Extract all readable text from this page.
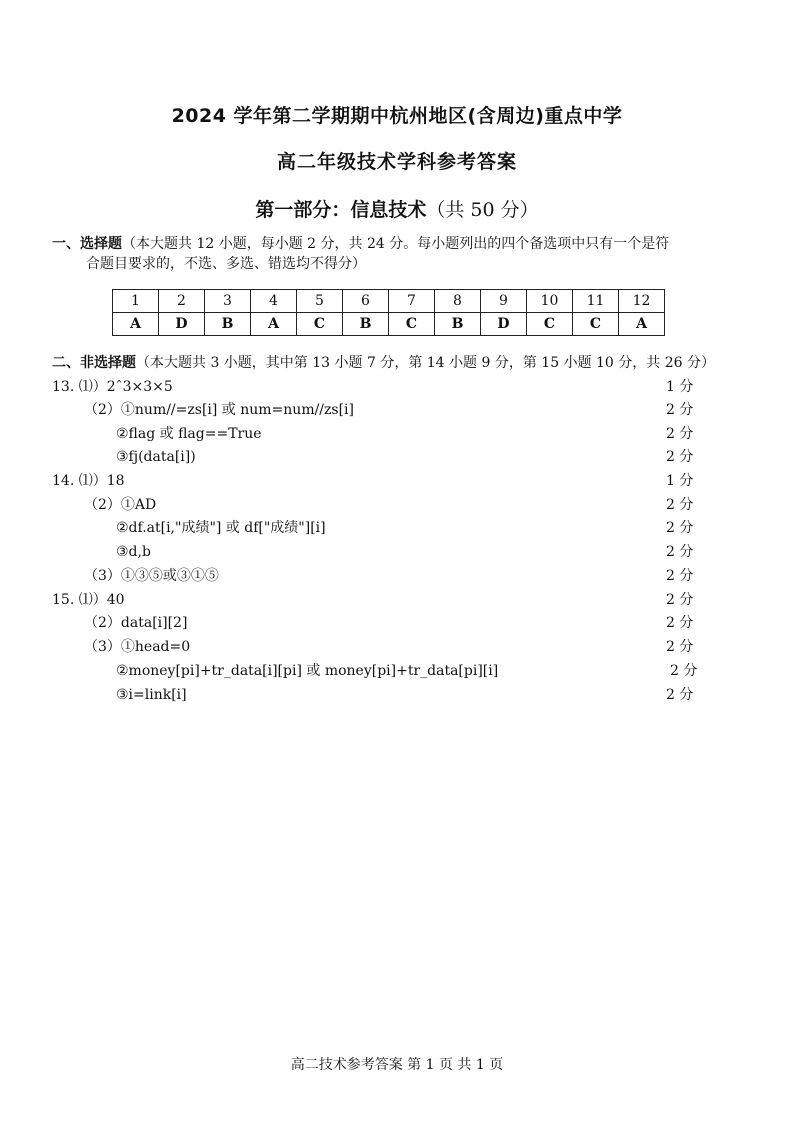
2024 学年第二学期期中杭州地区(含周边)重点中学
高二年级技术学科参考答案
第一部分：信息技术（共 50 分）
一、选择题（本大题共 12 小题，每小题 2 分，共 24 分。每小题列出的四个备选项中只有一个是符
合题目要求的，不选、多选、错选均不得分）
1	2	3	4	5	6	7	8	9	10	11	12
A	D	B	A	C	B	C	B	D	C	C	A
二、非选择题（本大题共 3 小题，其中第 13 小题 7 分，第 14 小题 9 分，第 15 小题 10 分，共 26 分）
13. ⑴）2ˆ3×3×5	1 分
（2）①num//=zs[i] 或 num=num//zs[i]	2 分
②flag 或 flag==True	2 分
③fj(data[i])	2 分
14. ⑴）18	1 分
（2）①AD	2 分
②df.at[i,"成绩"] 或 df["成绩"][i]	2 分
③d,b	2 分
（3）①③⑤或③①⑤	2 分
15. ⑴）40	2 分
（2）data[i][2]	2 分
（3）①head=0	2 分
②money[pi]+tr_data[i][pi] 或 money[pi]+tr_data[pi][i]	2 分
③i=link[i]	2 分
高二技术参考答案 第 1 页 共 1 页
